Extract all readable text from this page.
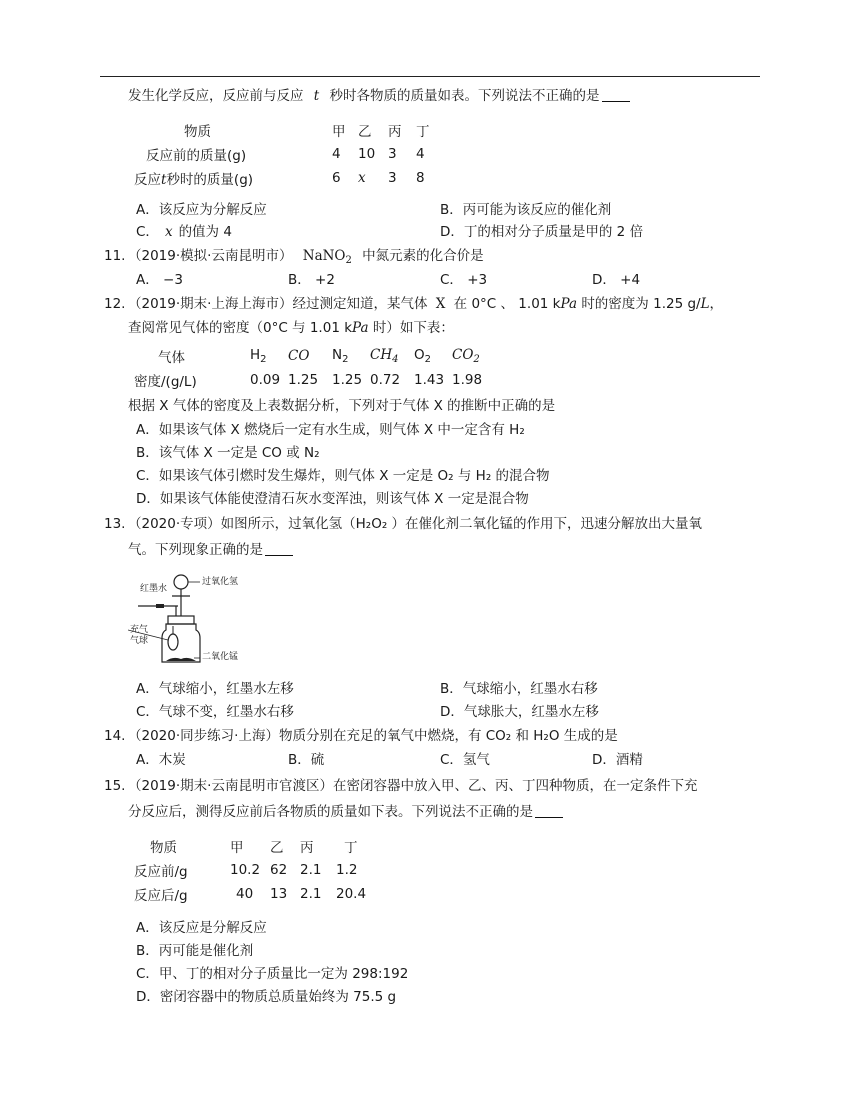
发生化学反应，反应前与反应 t 秒时各物质的质量如表。下列说法不正确的是
物质	甲	乙	丙	丁
反应前的质量(g)	4	10	3	4
反应t秒时的质量(g)	6	x	3	8
A．该反应为分解反应	B．丙可能为该反应的催化剂
C． x 的值为 4	D．丁的相对分子质量是甲的 2 倍
11. （2019·模拟·云南昆明市） NaNO$_2$ 中氮元素的化合价是
A． −3	B． +2	C． +3	D． +4
12. （2019·期末·上海上海市）经过测定知道，某气体 X 在 0°C 、 1.01 kPa 时的密度为 1.25 g/L，
查阅常见气体的密度（0°C 与 1.01 kPa 时）如下表：
气体	$H_2$	CO	$N_2$	$CH_4$	$O_2$	$CO_2$
密度/(g/L)	0.09	1.25	1.25	0.72	1.43	1.98
根据 X 气体的密度及上表数据分析，下列对于气体 X 的推断中正确的是
A．如果该气体 X 燃烧后一定有水生成，则气体 X 中一定含有 H₂
B．该气体 X 一定是 CO 或 N₂
C．如果该气体引燃时发生爆炸，则气体 X 一定是 O₂ 与 H₂ 的混合物
D．如果该气体能使澄清石灰水变浑浊，则该气体 X 一定是混合物
13. （2020·专项）如图所示，过氧化氢（H₂O₂ ）在催化剂二氧化锰的作用下，迅速分解放出大量氧
气。下列现象正确的是
红墨水
过氧化氢
充气
气球
二氧化锰
A．气球缩小，红墨水左移	B．气球缩小，红墨水右移
C．气球不变，红墨水右移	D．气球胀大，红墨水左移
14. （2020·同步练习·上海）物质分别在充足的氧气中燃烧，有 CO₂ 和 H₂O 生成的是
A．木炭	B．硫	C．氢气	D．酒精
15. （2019·期末·云南昆明市官渡区）在密闭容器中放入甲、乙、丙、丁四种物质，在一定条件下充
分反应后，测得反应前后各物质的质量如下表。下列说法不正确的是
物质	甲	乙	丙	丁
反应前/g	10.2	62	2.1	1.2
反应后/g	40	13	2.1	20.4
A．该反应是分解反应
B．丙可能是催化剂
C．甲、丁的相对分子质量比一定为 298:192
D．密闭容器中的物质总质量始终为 75.5 g
